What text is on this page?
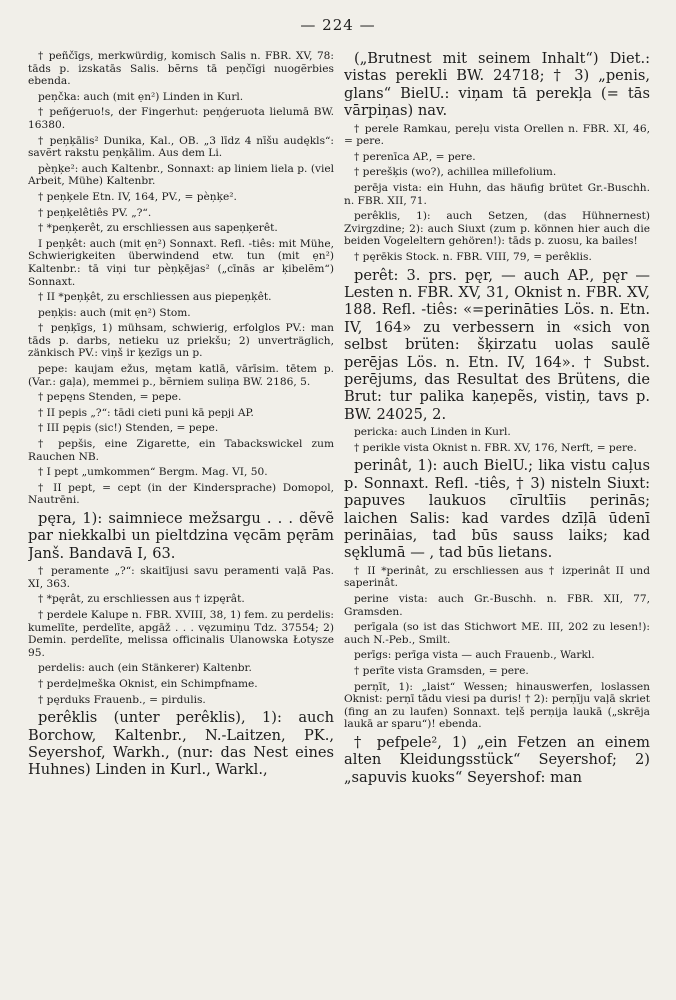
— 224 —

† peñčīgs, merkwürdig, komisch Salis n. FBR. XV, 78: tāds p. izskatās Salis. bẽrns tā peņčīgi nuogẽrbies ebenda.

peņčka: auch (mit ẹn²) Linden in Kurl.

† peñģeruo!s, der Fingerhut: peņģeruota lielumā BW. 16380.

† peņķālis² Dunika, Kal., OB. „3 līdz 4 nīšu audękls“: savẽrt rakstu peņķālim. Aus dem Li.

pèņķe²: auch Kaltenbr., Sonnaxt: ap liniem liela p. (viel Arbeit, Mühe) Kaltenbr.

† peņķele Etn. IV, 164, PV., = pèņķe².

† peņķelêtiês PV. „?“.

† *peņķerêt, zu erschliessen aus sapeņķerêt.

I peņķêt: auch (mit ẹn²) Sonnaxt. Refl. -tiês: mit Mühe, Schwierigkeiten überwindend etw. tun (mit ẹn²) Kaltenbr.: tā viņi tur pèņķējas² („cīnās ar ķibelẽm“) Sonnaxt.

† II *peņķêt, zu erschliessen aus piepeņķêt.

peņķis: auch (mit ẹn²) Stom.

† peņķīgs, 1) mühsam, schwierig, erfolglos PV.: man tāds p. darbs, netieku uz priekšu; 2) unverträglich, zänkisch PV.: viņš ir ķezīgs un p.

pepe: kaujam ežus, mętam katlā, vārīsim. tētem p. (Var.: gaļa), memmei p., bẽrniem suliņa BW. 2186, 5.

† pepęns Stenden, = pepe.

† II pepis „?“: tādi cieti puni kā pepji AP.

† III pępis (sic!) Stenden, = pepe.

† pepšis, eine Zigarette, ein Tabackswickel zum Rauchen NB.

† I pept „umkommen“ Bergm. Mag. VI, 50.

† II pept, = cept (in der Kindersprache) Domopol, Nautrēni.

pęra, 1): saimniece mežsargu . . . dẽvẽ par niekkalbi un pieltdzina vęcām pęrām Janš. Bandavā I, 63.

† peramente „?“: skaitījusi savu peramenti vaļā Pas. XI, 363.

† *pęrât, zu erschliessen aus † izpęrât.

† perdele Kalupe n. FBR. XVIII, 38, 1) fem. zu perdelis: kumelīte, perdelīte, apgāž . . . vęzumiņu Tdz. 37554; 2) Demin. perdelīte, melissa officinalis Ulanowska Łotysze 95.

perdelis: auch (ein Stänkerer) Kaltenbr.

† perdeļmeška Oknist, ein Schimpfname.

† pęrduks Frauenb., = pirdulis.

perêklis (unter perêklis), 1): auch Borchow, Kaltenbr., N.-Laitzen, PK., Seyershof, Warkh., (nur: das Nest eines Huhnes) Linden in Kurl., Warkl.,

(„Brutnest mit seinem Inhalt“) Diet.: vistas perekli BW. 24718; † 3) „penis, glans“ BielU.: viņam tā perekļa (= tās vārpiņas) nav.

† perele Ramkau, pereļu vista Orellen n. FBR. XI, 46, = pere.

† perenīca AP., = pere.

† perešķis (wo?), achillea millefolium.

perēja vista: ein Huhn, das häufig brütet Gr.-Buschh. n. FBR. XII, 71.

perêklis, 1): auch Setzen, (das Hühnernest) Zvirgzdine; 2): auch Siuxt (zum p. können hier auch die beiden Vogeleltern gehören!): tāds p. zuosu, ka bailes!

† pęrēkis Stock. n. FBR. VIII, 79, = perêklis.

perêt: 3. prs. pęr, — auch AP., pęr — Lesten n. FBR. XV, 31, Oknist n. FBR. XV, 188. Refl. -tiês: «=perināties Lös. n. Etn. IV, 164» zu verbessern in «sich von selbst brüten: šķirzatu uolas saulẽ perējas Lös. n. Etn. IV, 164». † Subst. perējums, das Resultat des Brütens, die Brut: tur palika kaņepẽs, vistiņ, tavs p. BW. 24025, 2.

pericka: auch Linden in Kurl.

† perikle vista Oknist n. FBR. XV, 176, Nerft, = pere.

perinât, 1): auch BielU.; lika vistu caļus p. Sonnaxt. Refl. -tiês, † 3) nisteln Siuxt: papuves laukuos cīrultīis perinās; laichen Salis: kad vardes dzīļā ūdenī perināias, tad būs sauss laiks; kad sęklumā — , tad būs lietans.

† II *perinât, zu erschliessen aus † izperinât II und saperinât.

perine vista: auch Gr.-Buschh. n. FBR. XII, 77, Gramsden.

perīgala (so ist das Stichwort ME. III, 202 zu lesen!): auch N.-Peb., Smilt.

perīgs: perīga vista — auch Frauenb., Warkl.

† perīte vista Gramsden, = pere.

perņīt, 1): „laist“ Wessen; hinauswerfen, loslassen Oknist: perņī tādu viesi pa duris! † 2): perņīju vaļā skriet (fing an zu laufen) Sonnaxt. teļš perņija laukā („skrēja laukā ar sparu“)! ebenda.

† pefpele², 1) „ein Fetzen an einem alten Kleidungsstück“ Seyershof; 2) „sapuvis kuoks“ Seyershof: man
